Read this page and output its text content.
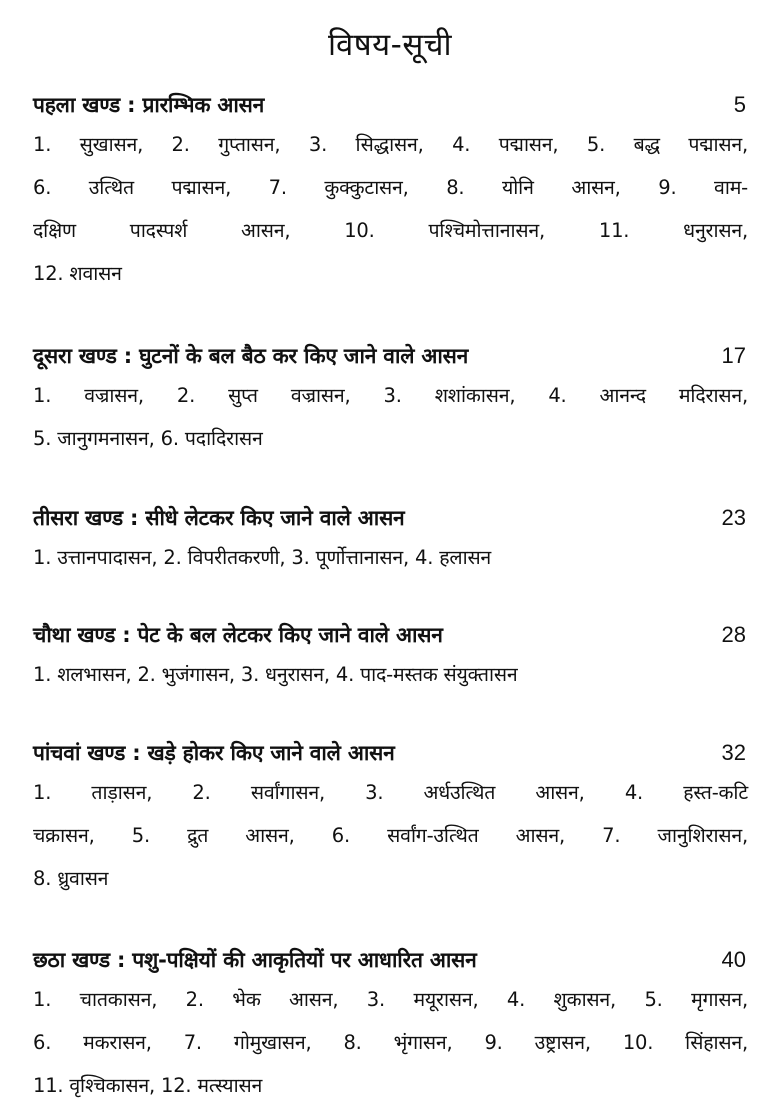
विषय-सूची
पहला खण्ड : प्रारम्भिक आसन	5
1. सुखासन, 2. गुप्तासन, 3. सिद्धासन, 4. पद्मासन, 5. बद्ध पद्मासन,
6. उत्थित पद्मासन, 7. कुक्कुटासन, 8. योनि आसन, 9. वाम-
दक्षिण पादस्पर्श आसन, 10. पश्चिमोत्तानासन, 11. धनुरासन,
12. शवासन
दूसरा खण्ड : घुटनों के बल बैठ कर किए जाने वाले आसन	17
1. वज्रासन, 2. सुप्त वज्रासन, 3. शशांकासन, 4. आनन्द मदिरासन,
5. जानुगमनासन, 6. पदादिरासन
तीसरा खण्ड : सीधे लेटकर किए जाने वाले आसन	23
1. उत्तानपादासन, 2. विपरीतकरणी, 3. पूर्णोत्तानासन, 4. हलासन
चौथा खण्ड : पेट के बल लेटकर किए जाने वाले आसन	28
1. शलभासन, 2. भुजंगासन, 3. धनुरासन, 4. पाद-मस्तक संयुक्तासन
पांचवां खण्ड : खड़े होकर किए जाने वाले आसन	32
1. ताड़ासन, 2. सर्वांगासन, 3. अर्धउत्थित आसन, 4. हस्त-कटि
चक्रासन, 5. द्रुत आसन, 6. सर्वांग-उत्थित आसन, 7. जानुशिरासन,
8. ध्रुवासन
छठा खण्ड : पशु-पक्षियों की आकृतियों पर आधारित आसन	40
1. चातकासन, 2. भेक आसन, 3. मयूरासन, 4. शुकासन, 5. मृगासन,
6. मकरासन, 7. गोमुखासन, 8. भृंगासन, 9. उष्ट्रासन, 10. सिंहासन,
11. वृश्चिकासन, 12. मत्स्यासन
